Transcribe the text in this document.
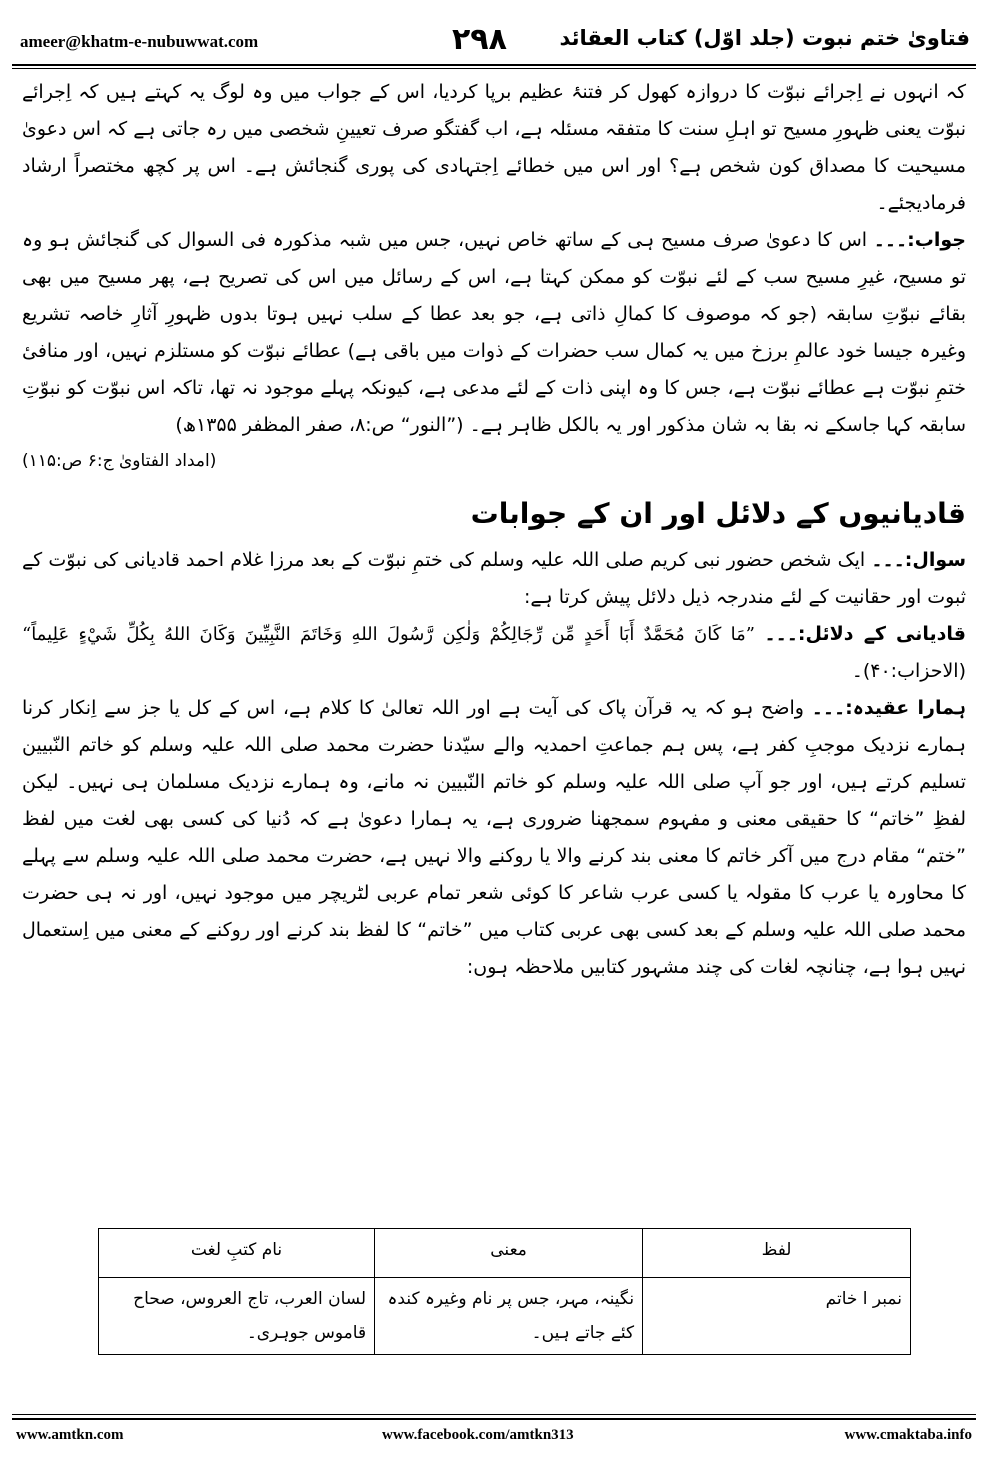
ameer@khatm-e-nubuwwat.com	۲۹۸	فتاویٰ ختم نبوت (جلد اوّل) کتاب العقائد

کہ انہوں نے اِجرائے نبوّت کا دروازہ کھول کر فتنۂ عظیم برپا کردیا، اس کے جواب میں وہ لوگ یہ کہتے ہیں کہ اِجرائے نبوّت یعنی ظہورِ مسیح تو اہلِ سنت کا متفقہ مسئلہ ہے، اب گفتگو صرف تعیینِ شخصی میں رہ جاتی ہے کہ اس دعویٰ مسیحیت کا مصداق کون شخص ہے؟ اور اس میں خطائے اِجتہادی کی پوری گنجائش ہے۔ اس پر کچھ مختصراً ارشاد فرمادیجئے۔

جواب:۔۔۔ اس کا دعویٰ صرف مسیح ہی کے ساتھ خاص نہیں، جس میں شبہ مذکورہ فی السوال کی گنجائش ہو وہ تو مسیح، غیرِ مسیح سب کے لئے نبوّت کو ممکن کہتا ہے، اس کے رسائل میں اس کی تصریح ہے، پھر مسیح میں بھی بقائے نبوّتِ سابقہ (جو کہ موصوف کا کمالِ ذاتی ہے، جو بعد عطا کے سلب نہیں ہوتا بدوں ظہورِ آثارِ خاصہ تشریع وغیرہ جیسا خود عالمِ برزخ میں یہ کمال سب حضرات کے ذوات میں باقی ہے) عطائے نبوّت کو مستلزم نہیں، اور منافیٔ ختمِ نبوّت ہے عطائے نبوّت ہے، جس کا وہ اپنی ذات کے لئے مدعی ہے، کیونکہ پہلے موجود نہ تھا، تاکہ اس نبوّت کو نبوّتِ سابقہ کہا جاسکے نہ بقا بہ شان مذکور اور یہ بالکل ظاہر ہے۔ (”النور“ ص:۸، صفر المظفر ۱۳۵۵ھ)

(امداد الفتاویٰ ج:۶ ص:۱۱۵)

قادیانیوں کے دلائل اور ان کے جوابات

سوال:۔۔۔ ایک شخص حضور نبی کریم صلی اللہ علیہ وسلم کی ختمِ نبوّت کے بعد مرزا غلام احمد قادیانی کی نبوّت کے ثبوت اور حقانیت کے لئے مندرجہ ذیل دلائل پیش کرتا ہے:

قادیانی کے دلائل:۔۔۔ ”مَا كَانَ مُحَمَّدٌ أَبَا أَحَدٍ مِّن رِّجَالِكُمْ وَلٰكِن رَّسُولَ اللهِ وَخَاتَمَ النَّبِيِّينَ وَكَانَ اللهُ بِكُلِّ شَيْءٍ عَلِيماً“ (الاحزاب:۴۰)۔

ہمارا عقیدہ:۔۔۔ واضح ہو کہ یہ قرآن پاک کی آیت ہے اور اللہ تعالیٰ کا کلام ہے، اس کے کل یا جز سے اِنکار کرنا ہمارے نزدیک موجبِ کفر ہے، پس ہم جماعتِ احمدیہ والے سیّدنا حضرت محمد صلی اللہ علیہ وسلم کو خاتم النّبیین تسلیم کرتے ہیں، اور جو آپ صلی اللہ علیہ وسلم کو خاتم النّبیین نہ مانے، وہ ہمارے نزدیک مسلمان ہی نہیں۔ لیکن لفظِ ”خاتم“ کا حقیقی معنی و مفہوم سمجھنا ضروری ہے، یہ ہمارا دعویٰ ہے کہ دُنیا کی کسی بھی لغت میں لفظ ”ختم“ مقام درج میں آکر خاتم کا معنی بند کرنے والا یا روکنے والا نہیں ہے، حضرت محمد صلی اللہ علیہ وسلم سے پہلے کا محاورہ یا عرب کا مقولہ یا کسی عرب شاعر کا کوئی شعر تمام عربی لٹریچر میں موجود نہیں، اور نہ ہی حضرت محمد صلی اللہ علیہ وسلم کے بعد کسی بھی عربی کتاب میں ”خاتم“ کا لفظ بند کرنے اور روکنے کے معنی میں اِستعمال نہیں ہوا ہے، چنانچہ لغات کی چند مشہور کتابیں ملاحظہ ہوں:

لفظ	معنی	نام کتبِ لغت
نمبر ا خاتم	نگینہ، مہر، جس پر نام وغیرہ کندہ کئے جاتے ہیں۔	لسان العرب، تاج العروس، صحاح قاموس جوہری۔
www.amtkn.com	www.facebook.com/amtkn313	www.cmaktaba.info
